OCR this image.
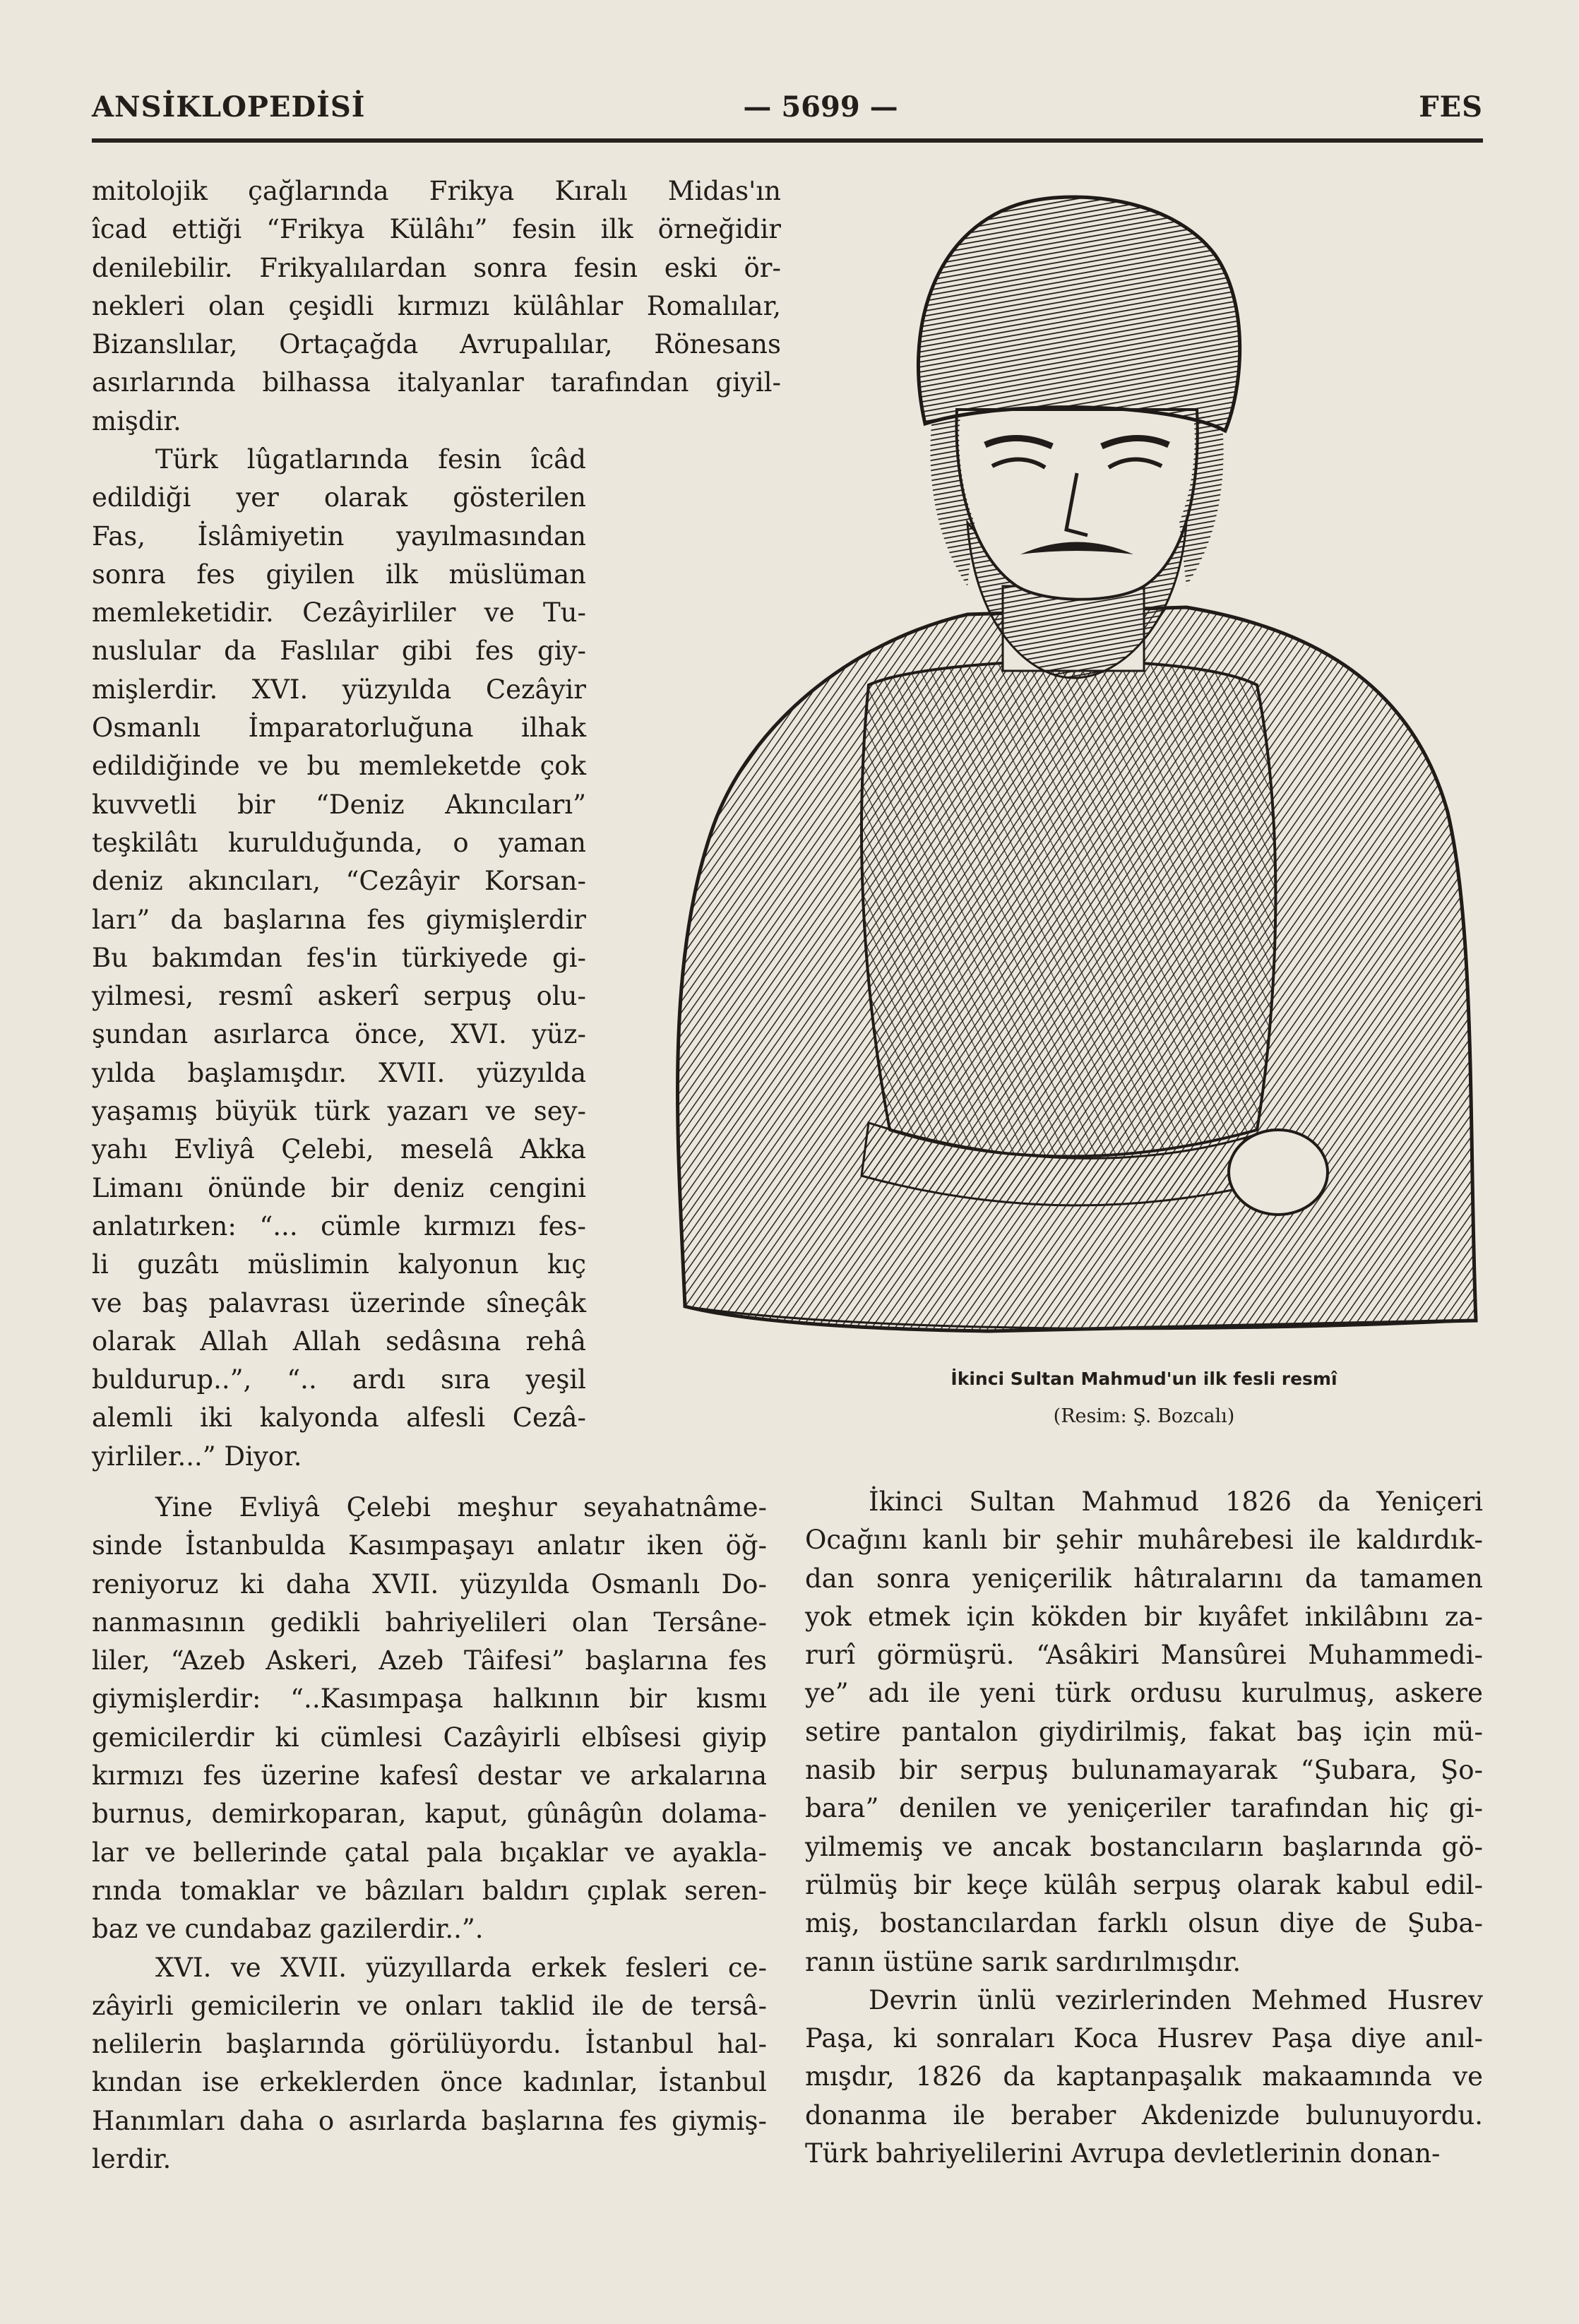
ANSİKLOPEDİSİ	— 5699 —	FES
mitolojik çağlarında Frikya Kıralı Midas'ın
îcad ettiği “Frikya Külâhı” fesin ilk örneğidir
denilebilir. Frikyalılardan sonra fesin eski ör-
nekleri olan çeşidli kırmızı külâhlar Romalılar,
Bizanslılar, Ortaçağda Avrupalılar, Rönesans
asırlarında bilhassa italyanlar tarafından giyil-
mişdir.
Türk lûgatlarında fesin îcâd
edildiği yer olarak gösterilen
Fas, İslâmiyetin yayılmasından
sonra fes giyilen ilk müslüman
memleketidir. Cezâyirliler ve Tu-
nuslular da Faslılar gibi fes giy-
mişlerdir. XVI. yüzyılda Cezâyir
Osmanlı İmparatorluğuna ilhak
edildiğinde ve bu memleketde çok
kuvvetli bir “Deniz Akıncıları”
teşkilâtı kurulduğunda, o yaman
deniz akıncıları, “Cezâyir Korsan-
ları” da başlarına fes giymişlerdir
Bu bakımdan fes'in türkiyede gi-
yilmesi, resmî askerî serpuş olu-
şundan asırlarca önce, XVI. yüz-
yılda başlamışdır. XVII. yüzyılda
yaşamış büyük türk yazarı ve sey-
yahı Evliyâ Çelebi, meselâ Akka
Limanı önünde bir deniz cengini
anlatırken: “... cümle kırmızı fes-
li guzâtı müslimin kalyonun kıç
ve baş palavrası üzerinde sîneçâk
olarak Allah Allah sedâsına rehâ
buldurup..”, “.. ardı sıra yeşil
alemli iki kalyonda alfesli Cezâ-
yirliler...” Diyor.
Yine Evliyâ Çelebi meşhur seyahatnâme-
sinde İstanbulda Kasımpaşayı anlatır iken öğ-
reniyoruz ki daha XVII. yüzyılda Osmanlı Do-
nanmasının gedikli bahriyelileri olan Tersâne-
liler, “Azeb Askeri, Azeb Tâifesi” başlarına fes
giymişlerdir: “..Kasımpaşa halkının bir kısmı
gemicilerdir ki cümlesi Cazâyirli elbîsesi giyip
kırmızı fes üzerine kafesî destar ve arkalarına
burnus, demirkoparan, kaput, gûnâgûn dolama-
lar ve bellerinde çatal pala bıçaklar ve ayakla-
rında tomaklar ve bâzıları baldırı çıplak seren-
baz ve cundabaz gazilerdir..”.
XVI. ve XVII. yüzyıllarda erkek fesleri ce-
zâyirli gemicilerin ve onları taklid ile de tersâ-
nelilerin başlarında görülüyordu. İstanbul hal-
kından ise erkeklerden önce kadınlar, İstanbul
Hanımları daha o asırlarda başlarına fes giymiş-
lerdir.
İkinci Sultan Mahmud 1826 da Yeniçeri
Ocağını kanlı bir şehir muhârebesi ile kaldırdık-
dan sonra yeniçerilik hâtıralarını da tamamen
yok etmek için kökden bir kıyâfet inkilâbını za-
rurî görmüşrü. “Asâkiri Mansûrei Muhammedi-
ye” adı ile yeni türk ordusu kurulmuş, askere
setire pantalon giydirilmiş, fakat baş için mü-
nasib bir serpuş bulunamayarak “Şubara, Şo-
bara” denilen ve yeniçeriler tarafından hiç gi-
yilmemiş ve ancak bostancıların başlarında gö-
rülmüş bir keçe külâh serpuş olarak kabul edil-
miş, bostancılardan farklı olsun diye de Şuba-
ranın üstüne sarık sardırılmışdır.
Devrin ünlü vezirlerinden Mehmed Husrev
Paşa, ki sonraları Koca Husrev Paşa diye anıl-
mışdır, 1826 da kaptanpaşalık makaamında ve
donanma ile beraber Akdenizde bulunuyordu.
Türk bahriyelilerini Avrupa devletlerinin donan-
İkinci Sultan Mahmud'un ilk fesli resmî
(Resim: Ş. Bozcalı)
